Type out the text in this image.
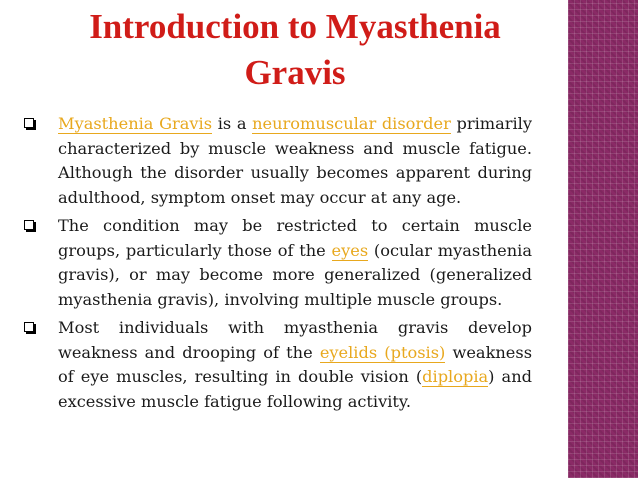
Introduction to Myasthenia
Gravis
Myasthenia Gravis is a neuromuscular disorder primarily characterized by muscle weakness and muscle fatigue. Although the disorder usually becomes apparent during adulthood, symptom onset may occur at any age.
The condition may be restricted to certain muscle groups, particularly those of the eyes (ocular myasthenia gravis), or may become more generalized (generalized myasthenia gravis), involving multiple muscle groups.
Most individuals with myasthenia gravis develop weakness and drooping of the eyelids (ptosis) weakness of eye muscles, resulting in double vision (diplopia) and excessive muscle fatigue following activity.
